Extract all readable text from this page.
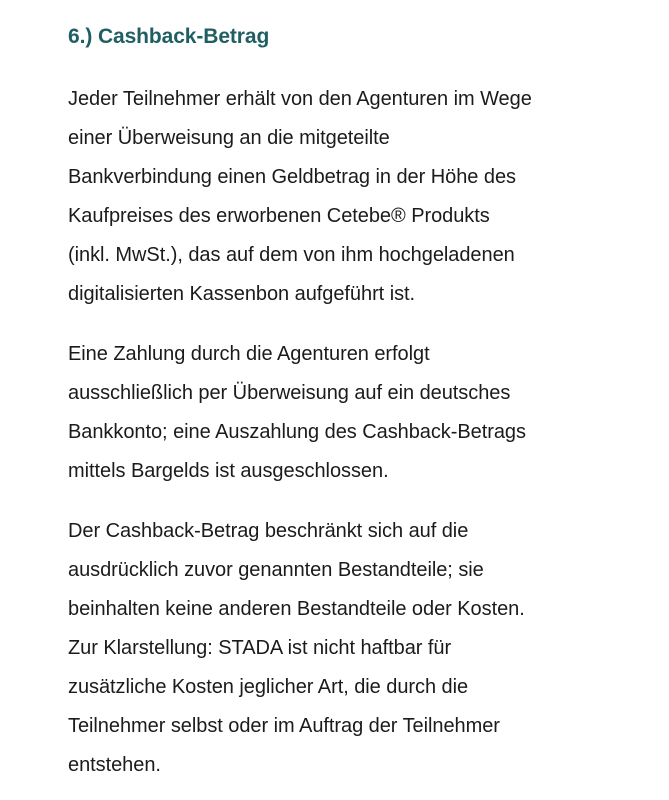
6.) Cashback-Betrag

Jeder Teilnehmer erhält von den Agenturen im Wege

einer Überweisung an die mitgeteilte

Bankverbindung einen Geldbetrag in der Höhe des

Kaufpreises des erworbenen Cetebe® Produkts

(inkl. MwSt.), das auf dem von ihm hochgeladenen

digitalisierten Kassenbon aufgeführt ist.

Eine Zahlung durch die Agenturen erfolgt

ausschließlich per Überweisung auf ein deutsches

Bankkonto; eine Auszahlung des Cashback-Betrags

mittels Bargelds ist ausgeschlossen.

Der Cashback-Betrag beschränkt sich auf die

ausdrücklich zuvor genannten Bestandteile; sie

beinhalten keine anderen Bestandteile oder Kosten.

Zur Klarstellung: STADA ist nicht haftbar für

zusätzliche Kosten jeglicher Art, die durch die

Teilnehmer selbst oder im Auftrag der Teilnehmer

entstehen.
